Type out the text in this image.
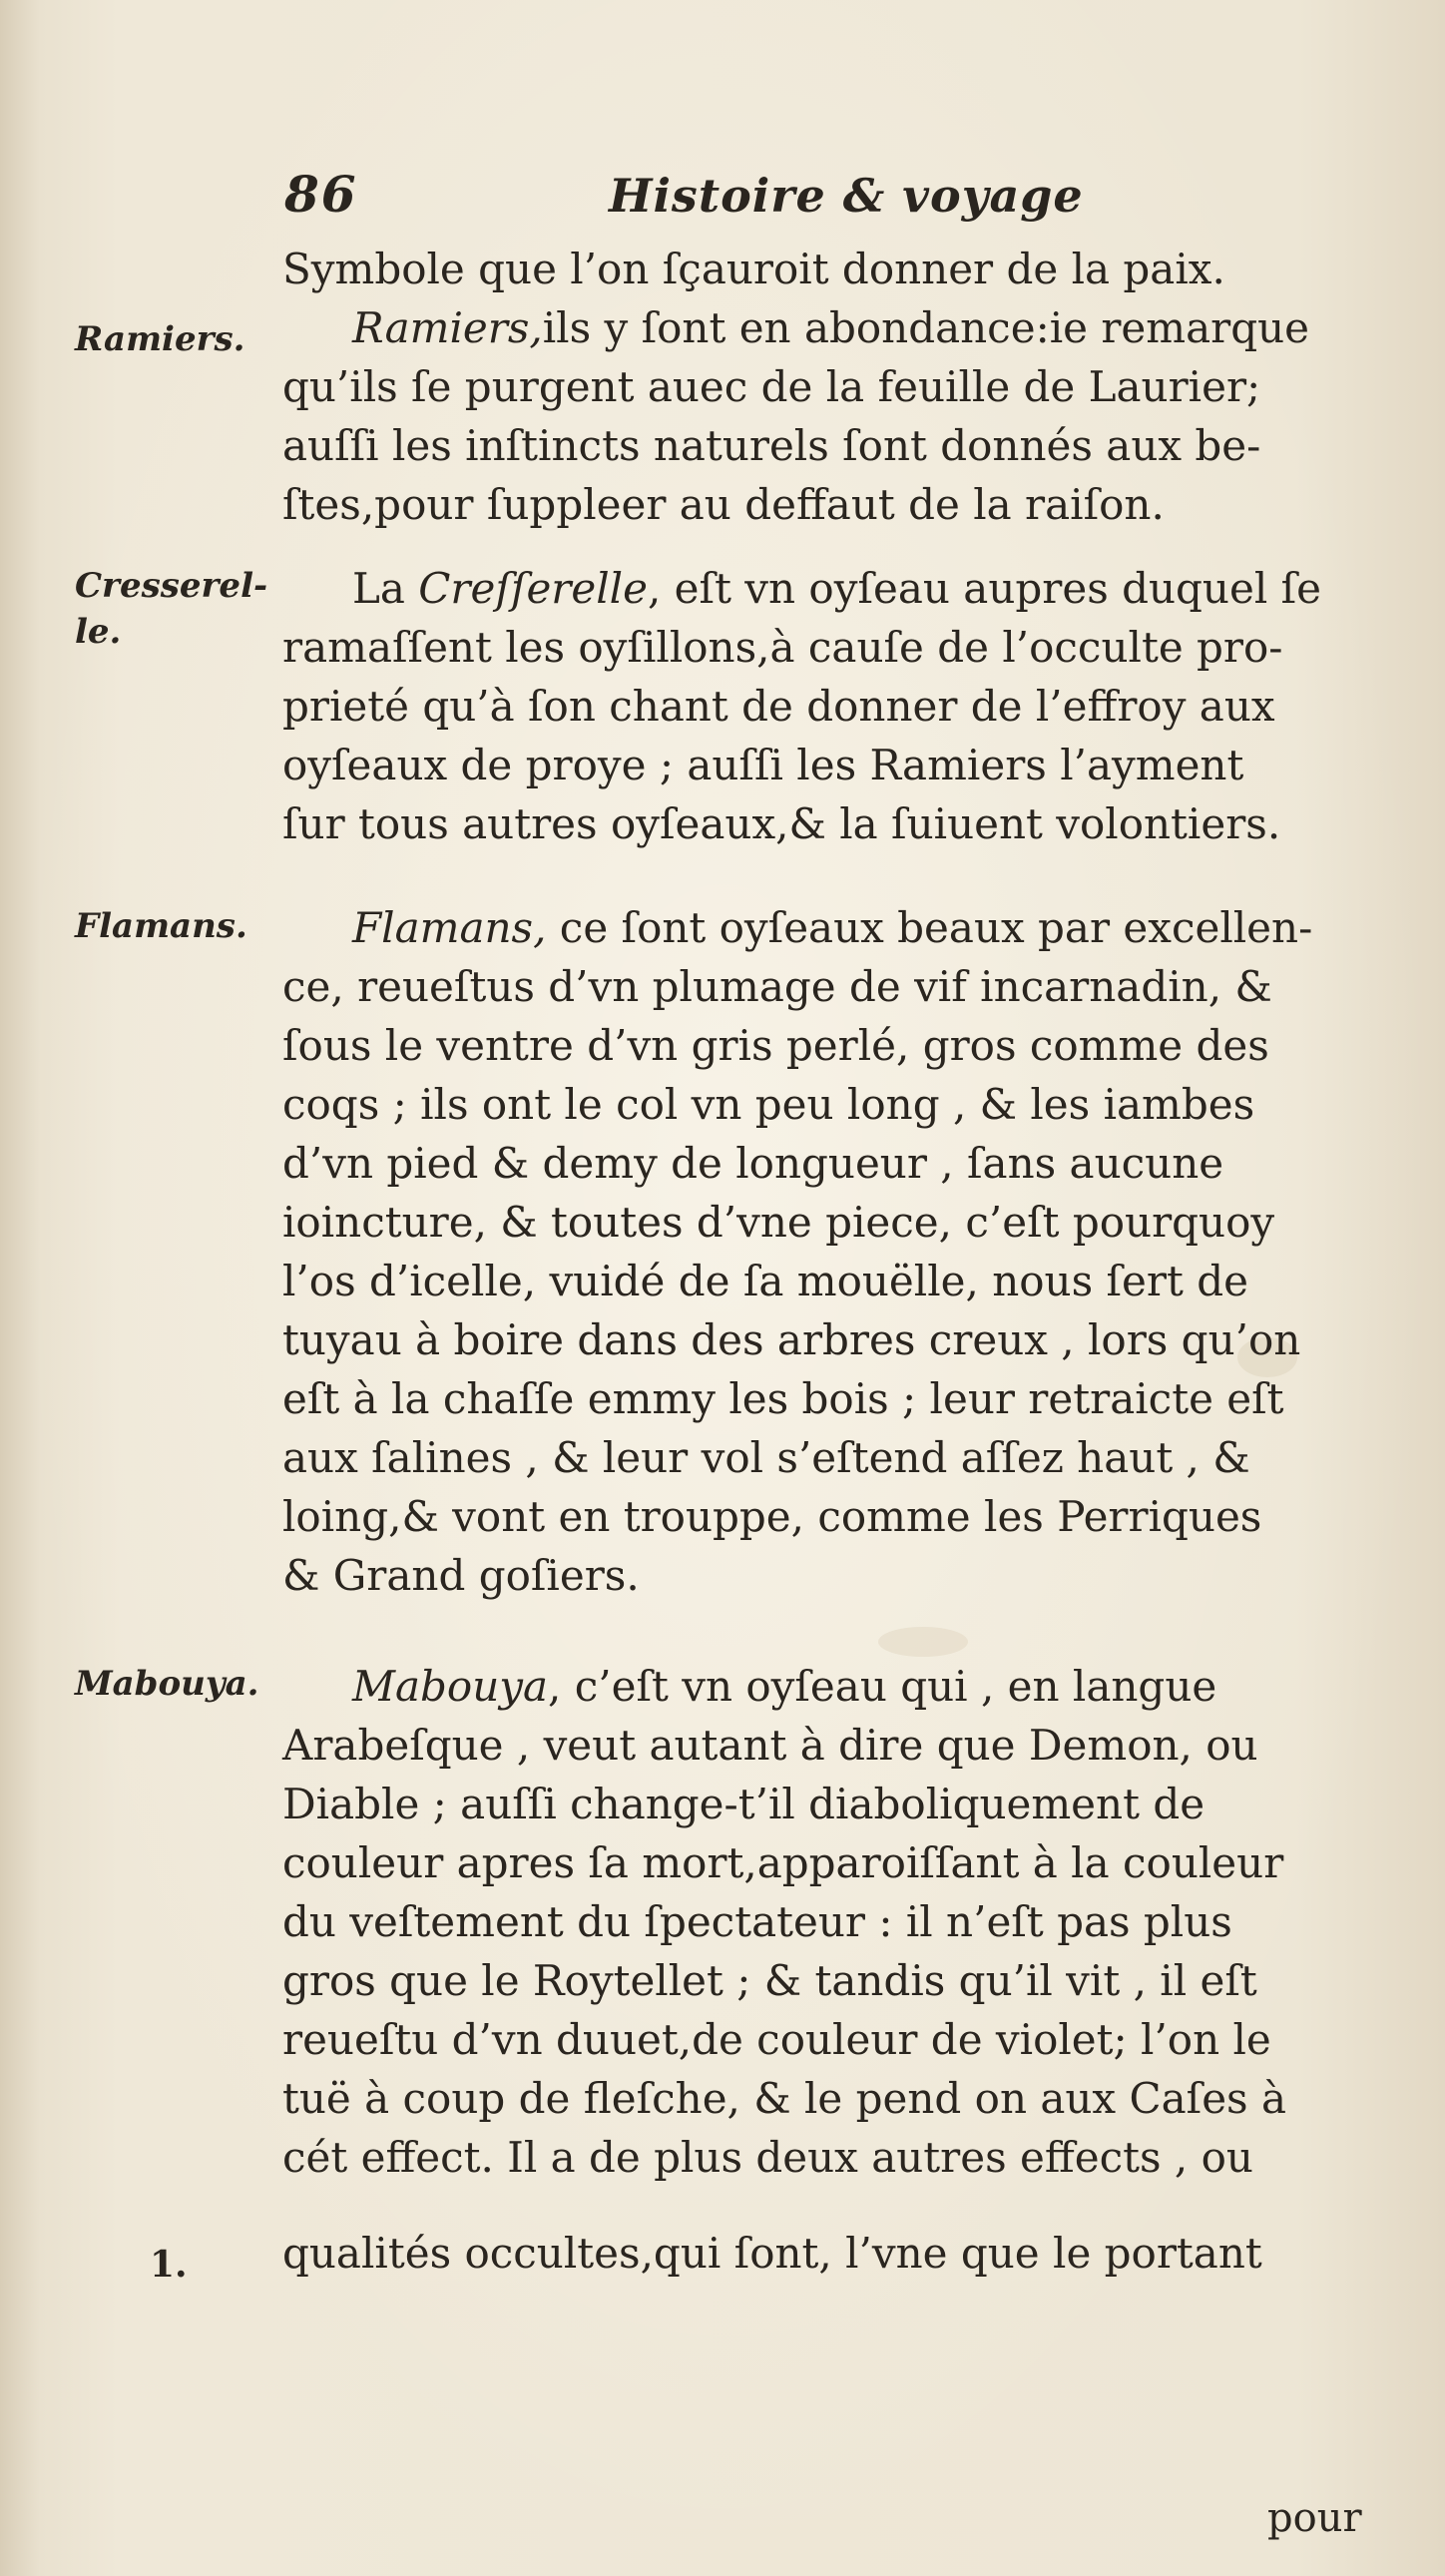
86	Histoire & voyage
Ramiers.
Cresserel-
le.
Flamans.
Mabouya.
1.
Symbole que l’on ſçauroit donner de la paix.
Ramiers,ils y ſont en abondance:ie remarque
qu’ils ſe purgent auec de la feuille de Laurier;
auſſi les inſtincts naturels ſont donnés aux be-
ſtes,pour ſuppleer au deffaut de la raiſon.
La Creſſerelle, eſt vn oyſeau aupres duquel ſe
ramaſſent les oyſillons,à cauſe de l’occulte pro-
prieté qu’à ſon chant de donner de l’effroy aux
oyſeaux de proye ; auſſi les Ramiers l’ayment
ſur tous autres oyſeaux,& la ſuiuent volontiers.
Flamans, ce ſont oyſeaux beaux par excellen-
ce, reueſtus d’vn plumage de vif incarnadin, &
ſous le ventre d’vn gris perlé, gros comme des
coqs ; ils ont le col vn peu long , & les iambes
d’vn pied & demy de longueur , ſans aucune
ioincture, & toutes d’vne piece, c’eſt pourquoy
l’os d’icelle, vuidé de ſa mouëlle, nous ſert de
tuyau à boire dans des arbres creux , lors qu’on
eſt à la chaſſe emmy les bois ; leur retraicte eſt
aux ſalines , & leur vol s’eſtend aſſez haut , &
loing,& vont en trouppe, comme les Perriques
& Grand goſiers.
Mabouya, c’eſt vn oyſeau qui , en langue
Arabeſque , veut autant à dire que Demon, ou
Diable ; auſſi change-t’il diaboliquement de
couleur apres ſa mort,apparoiſſant à la couleur
du veſtement du ſpectateur : il n’eſt pas plus
gros que le Roytellet ; & tandis qu’il vit , il eſt
reueſtu d’vn duuet,de couleur de violet; l’on le
tuë à coup de fleſche, & le pend on aux Caſes à
cét effect. Il a de plus deux autres effects , ou
qualités occultes,qui ſont, l’vne que le portant
pour
